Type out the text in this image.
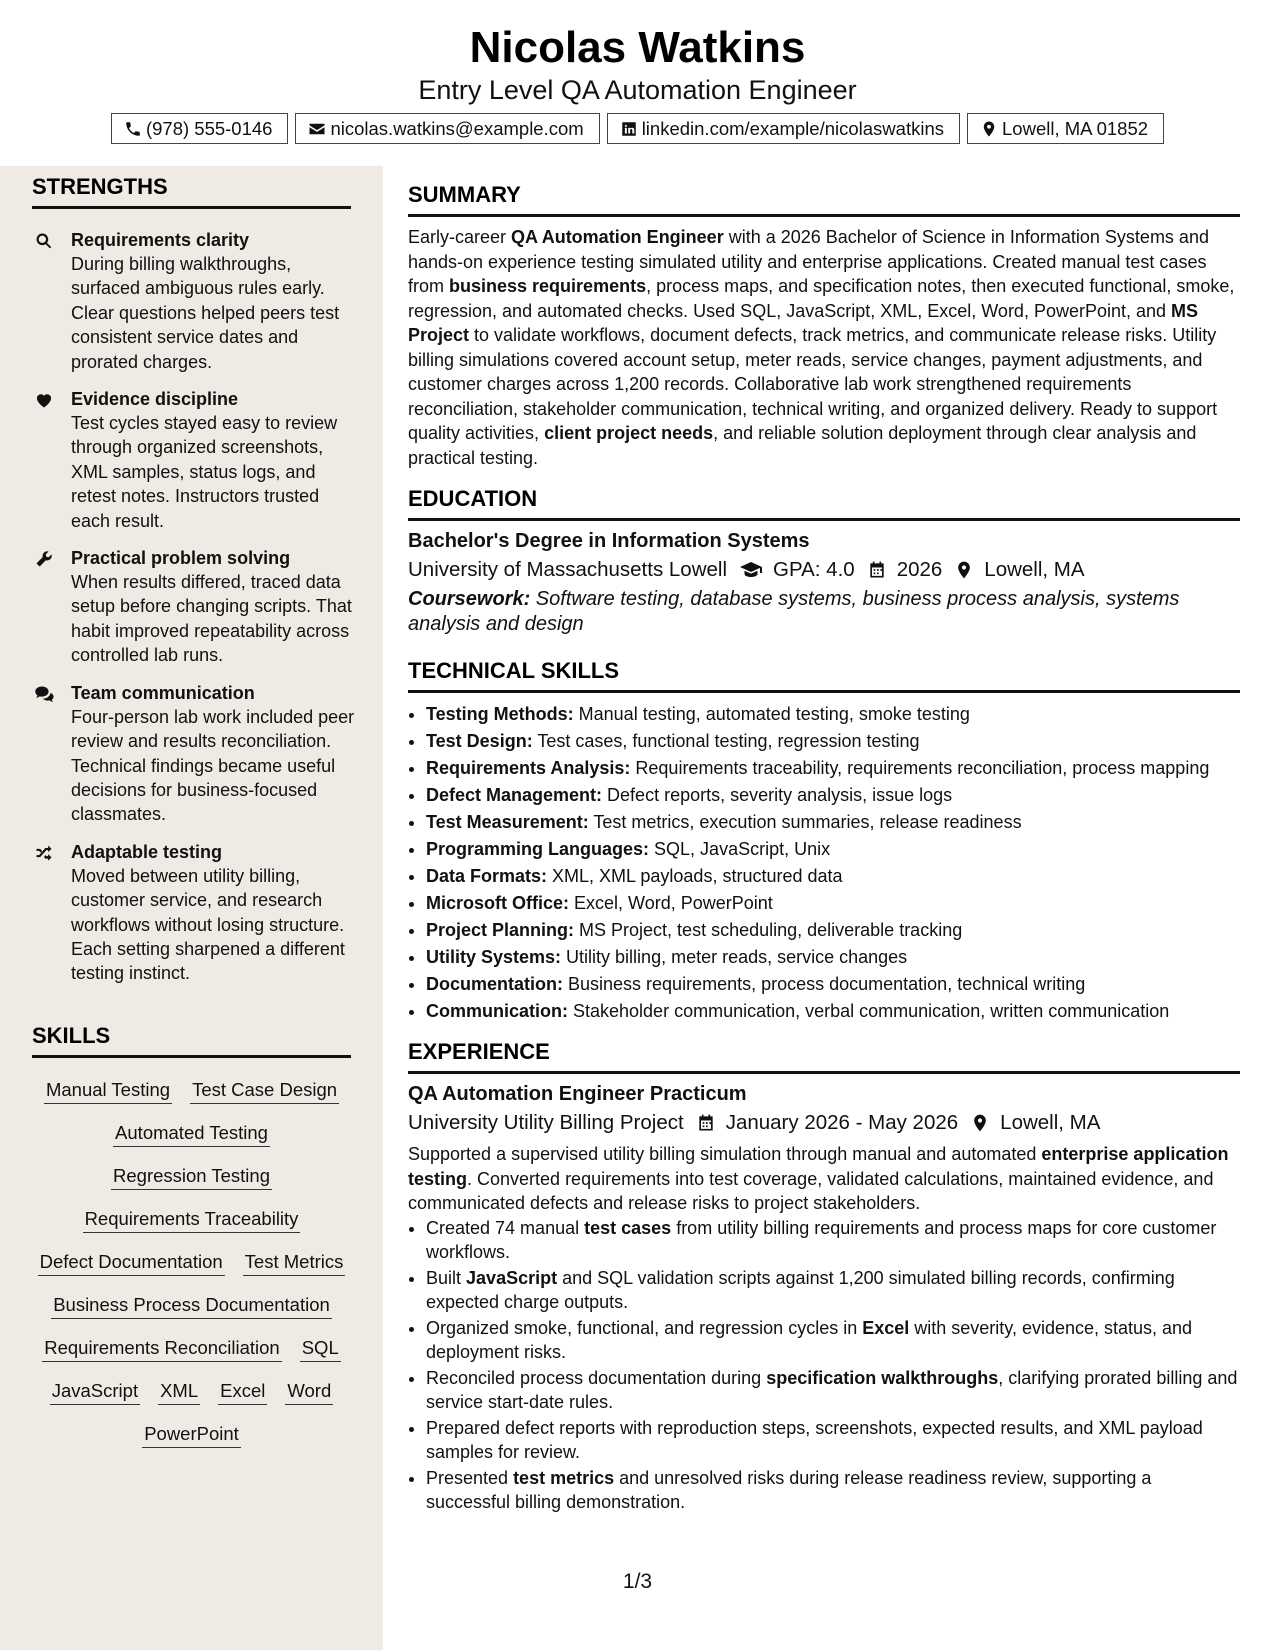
Nicolas Watkins
Entry Level QA Automation Engineer
(978) 555-0146	nicolas.watkins@example.com	linkedin.com/example/nicolaswatkins	Lowell, MA 01852
STRENGTHS
Requirements clarity
During billing walkthroughs, surfaced ambiguous rules early. Clear questions helped peers test consistent service dates and prorated charges.
Evidence discipline
Test cycles stayed easy to review through organized screenshots, XML samples, status logs, and retest notes. Instructors trusted each result.
Practical problem solving
When results differed, traced data setup before changing scripts. That habit improved repeatability across controlled lab runs.
Team communication
Four-person lab work included peer review and results reconciliation. Technical findings became useful decisions for business-focused classmates.
Adaptable testing
Moved between utility billing, customer service, and research workflows without losing structure. Each setting sharpened a different testing instinct.
SKILLS
Manual Testing Test Case Design
Automated Testing
Regression Testing
Requirements Traceability
Defect Documentation Test Metrics
Business Process Documentation
Requirements Reconciliation SQL
JavaScript XML Excel Word
PowerPoint
SUMMARY

Early-career QA Automation Engineer with a 2026 Bachelor of Science in Information Systems and hands-on experience testing simulated utility and enterprise applications. Created manual test cases from business requirements, process maps, and specification notes, then executed functional, smoke, regression, and automated checks. Used SQL, JavaScript, XML, Excel, Word, PowerPoint, and MS Project to validate workflows, document defects, track metrics, and communicate release risks. Utility billing simulations covered account setup, meter reads, service changes, payment adjustments, and customer charges across 1,200 records. Collaborative lab work strengthened requirements reconciliation, stakeholder communication, technical writing, and organized delivery. Ready to support quality activities, client project needs, and reliable solution deployment through clear analysis and practical testing.

EDUCATION
Bachelor's Degree in Information Systems
University of Massachusetts Lowell GPA: 4.0 2026 Lowell, MA

Coursework: Software testing, database systems, business process analysis, systems analysis and design

TECHNICAL SKILLS
• Testing Methods: Manual testing, automated testing, smoke testing
• Test Design: Test cases, functional testing, regression testing
• Requirements Analysis: Requirements traceability, requirements reconciliation, process mapping
• Defect Management: Defect reports, severity analysis, issue logs
• Test Measurement: Test metrics, execution summaries, release readiness
• Programming Languages: SQL, JavaScript, Unix
• Data Formats: XML, XML payloads, structured data
• Microsoft Office: Excel, Word, PowerPoint
• Project Planning: MS Project, test scheduling, deliverable tracking
• Utility Systems: Utility billing, meter reads, service changes
• Documentation: Business requirements, process documentation, technical writing
• Communication: Stakeholder communication, verbal communication, written communication
EXPERIENCE
QA Automation Engineer Practicum
University Utility Billing Project January 2026 - May 2026 Lowell, MA

Supported a supervised utility billing simulation through manual and automated enterprise application testing. Converted requirements into test coverage, validated calculations, maintained evidence, and communicated defects and release risks to project stakeholders.

• Created 74 manual test cases from utility billing requirements and process maps for core customer workflows.
• Built JavaScript and SQL validation scripts against 1,200 simulated billing records, confirming expected charge outputs.
• Organized smoke, functional, and regression cycles in Excel with severity, evidence, status, and deployment risks.
• Reconciled process documentation during specification walkthroughs, clarifying prorated billing and service start-date rules.
• Prepared defect reports with reproduction steps, screenshots, expected results, and XML payload samples for review.
• Presented test metrics and unresolved risks during release readiness review, supporting a successful billing demonstration.
1/3
